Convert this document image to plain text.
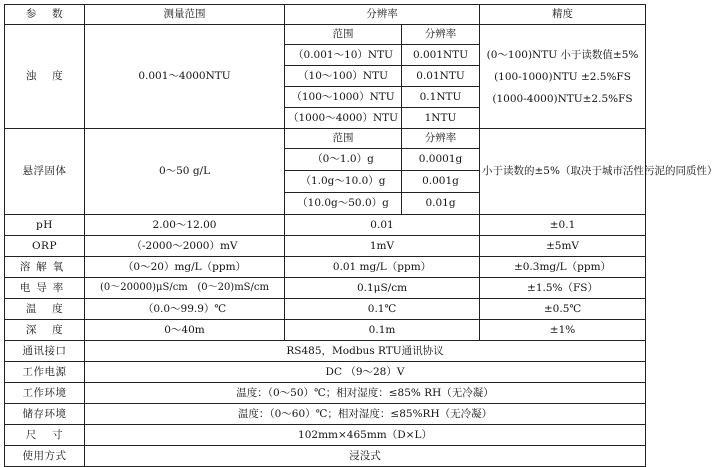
参    数	测量范围	分辨率		精度
浊    度	0.001～4000NTU	范围	分辨率	(0～100)NTU 小于读数值±5%
(100-1000)NTU ±2.5%FS
(1000-4000)NTU±2.5%FS

		（0.001～10）NTU	0.001NTU	
		（10～100）NTU	0.01NTU	
		（100～1000）NTU	0.1NTU	
		（1000～4000）NTU	1NTU	
悬浮固体	0～50 g/L	范围	分辨率	小于读数的±5%（取决于城市活性污泥的同质性）
		（0～1.0）g	0.0001g	
		（1.0g～10.0）g	0.001g	
		（10.0g～50.0）g	0.01g	
pH	2.00～12.00	0.01		±0.1
ORP	（-2000～2000）mV	1mV		±5mV
溶解氧	（0～20）mg/L（ppm）	0.01 mg/L（ppm）		±0.3mg/L（ppm）
电导率	(0～20000)μS/cm   (0～20)mS/cm	0.1μS/cm		±1.5%（FS）
温    度	（0.0～99.9）℃	0.1℃		±0.5℃
深    度	0～40m	0.1m		±1%
通讯接口	RS485，Modbus RTU通讯协议			
工作电源	DC （9～28）V			
工作环境	温度：（0～50）℃；相对湿度：≤85% RH（无冷凝）			
储存环境	温度：（0～60）℃；相对湿度：≤85%RH（无冷凝）			
尺    寸	102mm×465mm（D×L）			
使用方式	浸没式			
